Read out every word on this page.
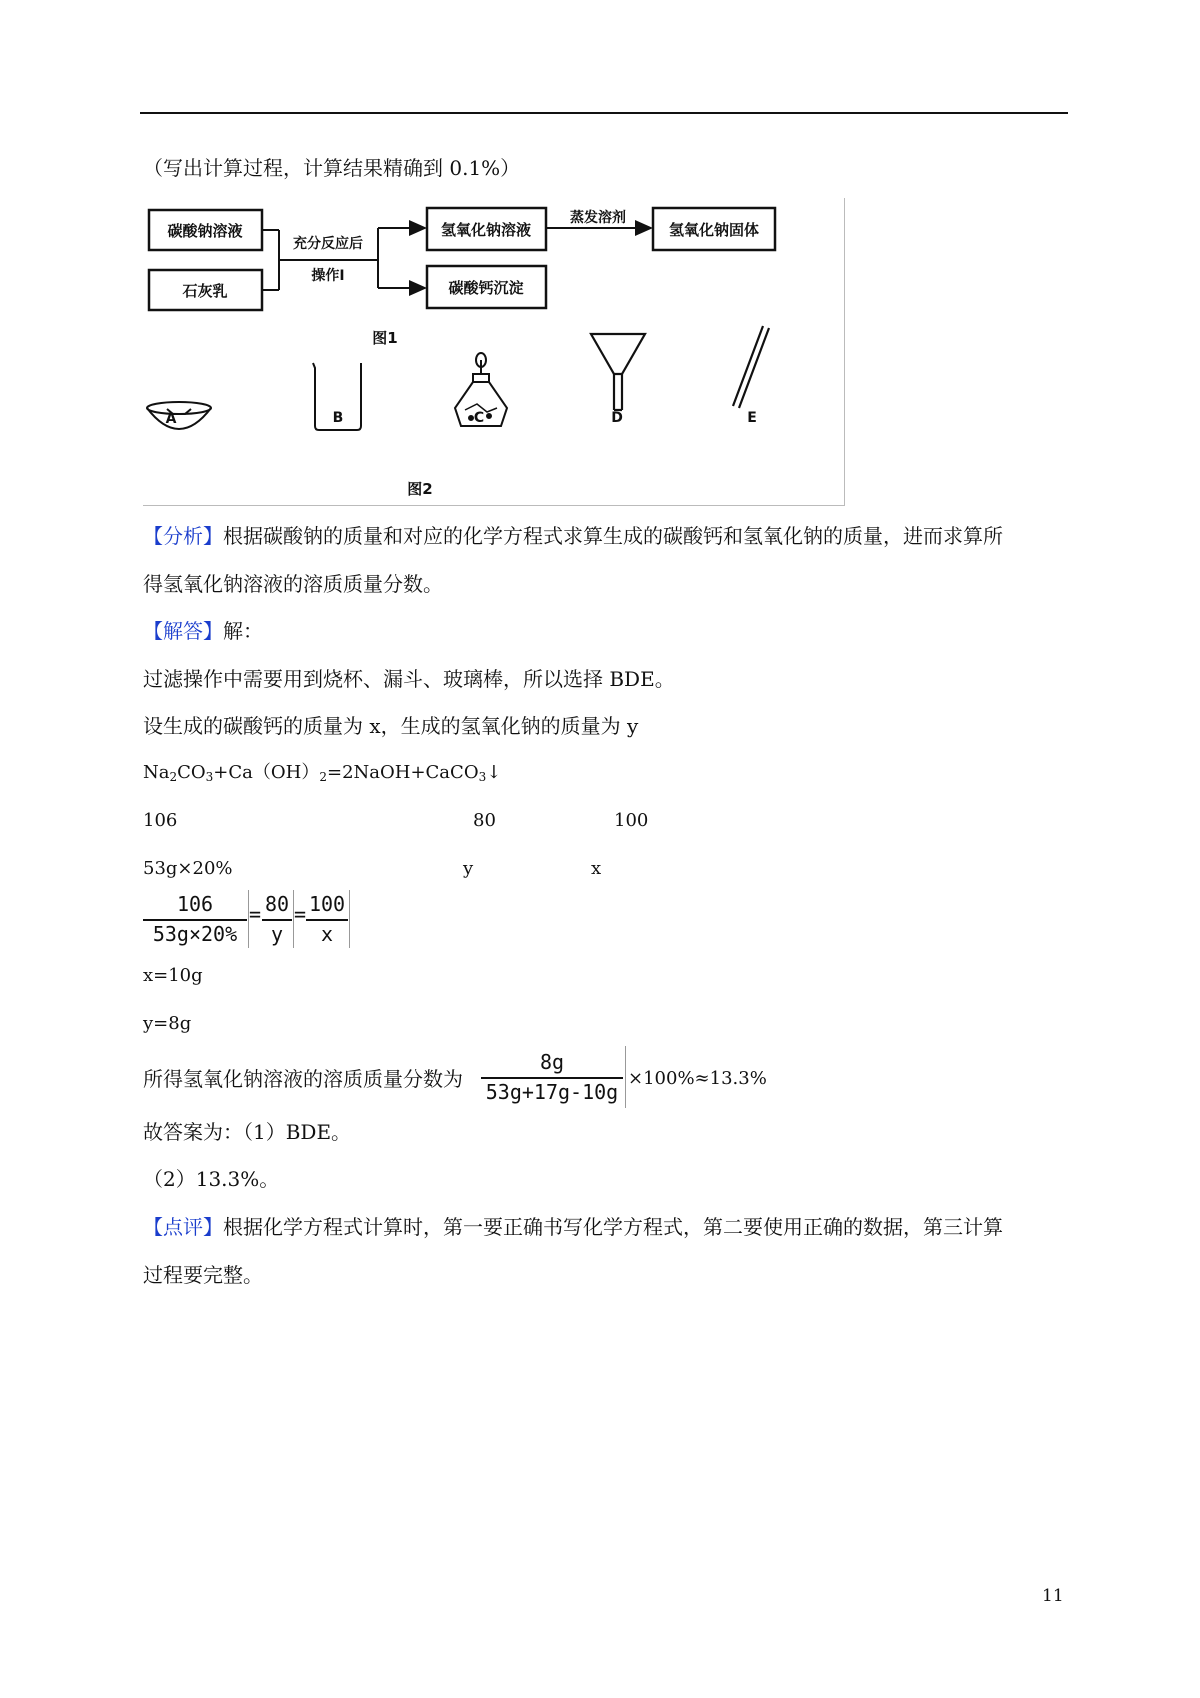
（写出计算过程，计算结果精确到 0.1%）
碳酸钠溶液
石灰乳
氢氧化钠溶液
碳酸钙沉淀
氢氧化钠固体
充分反应后
操作Ⅰ
蒸发溶剂
图1
A	B	C	D	E
图2
【分析】根据碳酸钠的质量和对应的化学方程式求算生成的碳酸钙和氢氧化钠的质量，进而求算所
得氢氧化钠溶液的溶质质量分数。
【解答】解：
过滤操作中需要用到烧杯、漏斗、玻璃棒，所以选择 BDE。
设生成的碳酸钙的质量为 x，生成的氢氧化钠的质量为 y
$Na_2CO_3+Ca(OH)_2=2NaOH+CaCO_3↓$
106	80	100
53g×20%	y	x
106
53g×20%
= 80
y
= 100
x
x=10g
y=8g
所得氢氧化钠溶液的溶质质量分数为
8g
53g+17g-10g
×100%≈13.3%
故答案为：（1）BDE。
（2）13.3%。
【点评】根据化学方程式计算时，第一要正确书写化学方程式，第二要使用正确的数据，第三计算
过程要完整。
11
